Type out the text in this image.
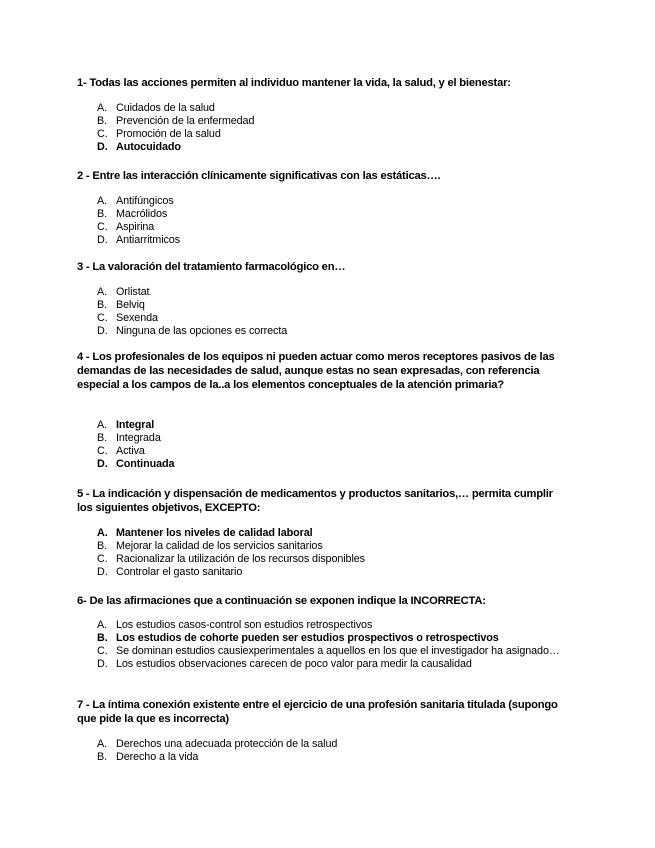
1- Todas las acciones permiten al individuo mantener la vida, la salud, y el bienestar:
A. Cuidados de la salud
B. Prevención de la enfermedad
C. Promoción de la salud
D. Autocuidado
2 - Entre las interacción clínicamente significativas con las estáticas….
A. Antifúngicos
B. Macrólidos
C. Aspirina
D. Antiarritmicos
3 - La valoración del tratamiento farmacológico en…
A. Orlistat
B. Belviq
C. Sexenda
D. Ninguna de las opciones es correcta
4 - Los profesionales de los equipos ni pueden actuar como meros receptores pasivos de las demandas de las necesidades de salud, aunque estas no sean expresadas, con referencia especial a los campos de la..a los elementos conceptuales de la atención primaria?
A. Integral
B. Integrada
C. Activa
D. Continuada
5 - La indicación y dispensación de medicamentos y productos sanitarios,… permita cumplir los siguientes objetivos, EXCEPTO:
A. Mantener los niveles de calidad laboral
B. Mejorar la calidad de los servicios sanitarios
C. Racionalizar la utilización de los recursos disponibles
D. Controlar el gasto sanitario
6- De las afirmaciones que a continuación se exponen indique la INCORRECTA:
A. Los estudios casos-control son estudios retrospectivos
B. Los estudios de cohorte pueden ser estudios prospectivos o retrospectivos
C. Se dominan estudios causiexperimentales a aquellos en los que el investigador ha asignado…
D. Los estudios observaciones carecen de poco valor para medir la causalidad
7 - La íntima conexión existente entre el ejercicio de una profesión sanitaria titulada (supongo que pide la que es incorrecta)
A. Derechos una adecuada protección de la salud
B. Derecho a la vida
